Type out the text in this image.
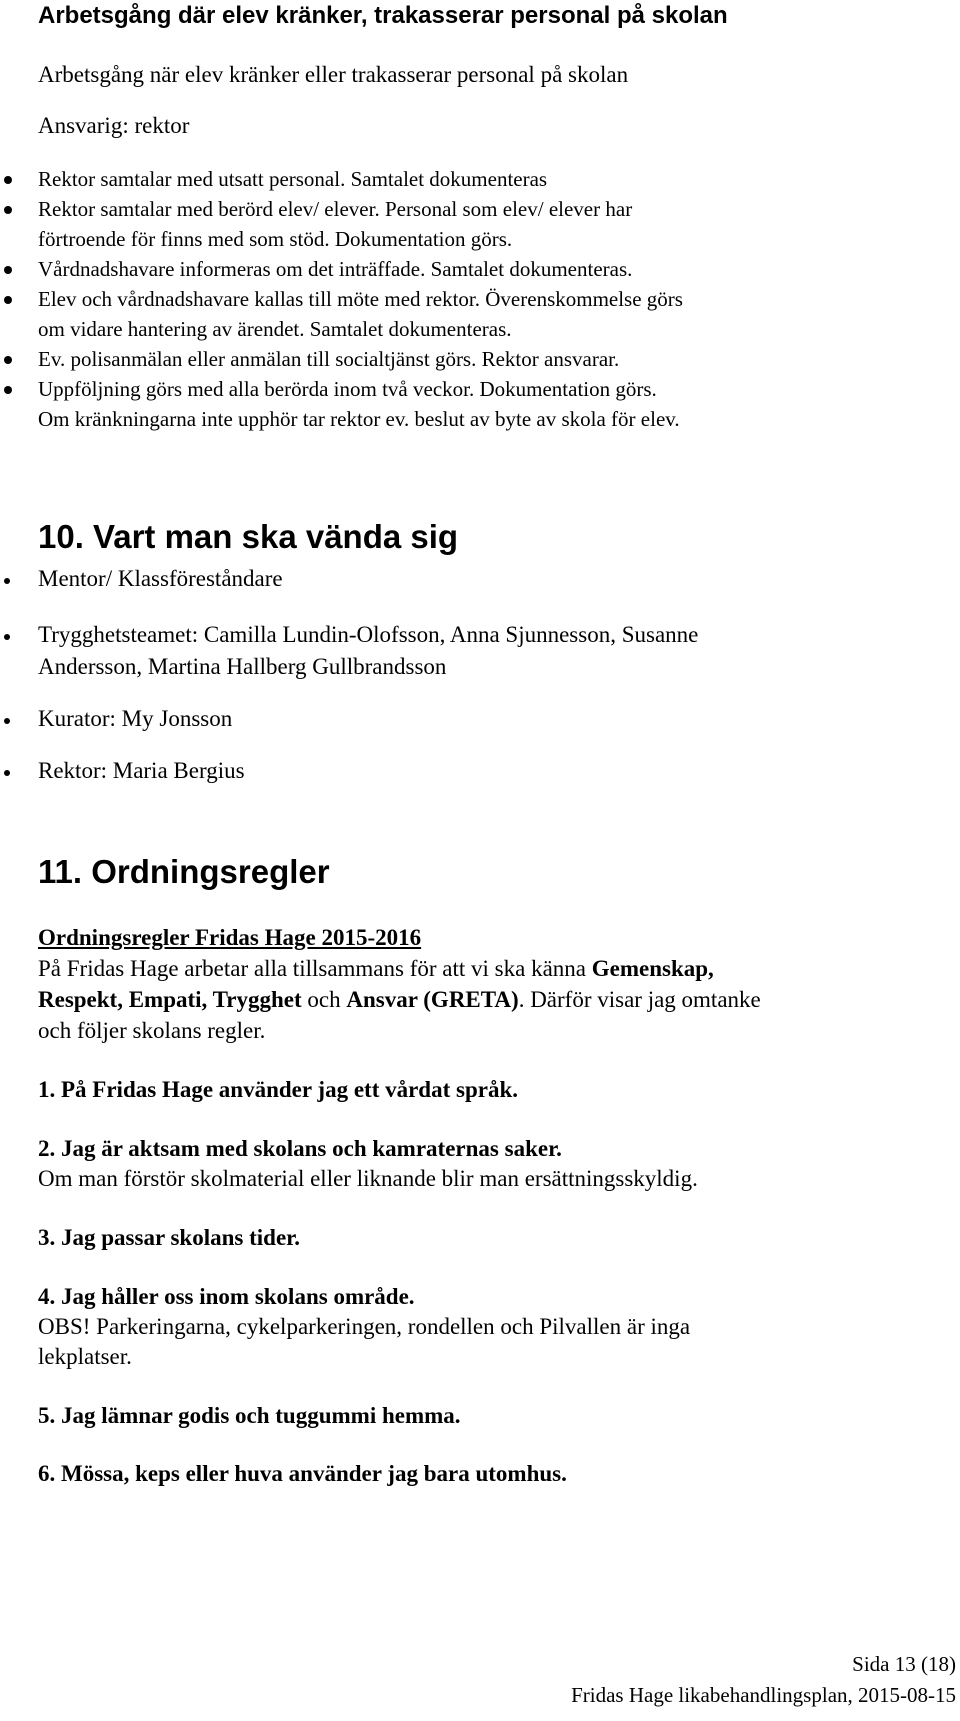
Arbetsgång där elev kränker, trakasserar personal på skolan
Arbetsgång när elev kränker eller trakasserar personal på skolan
Ansvarig: rektor
Rektor samtalar med utsatt personal. Samtalet dokumenteras
Rektor samtalar med berörd elev/ elever. Personal som elev/ elever har
förtroende för finns med som stöd. Dokumentation görs.
Vårdnadshavare informeras om det inträffade. Samtalet dokumenteras.
Elev och vårdnadshavare kallas till möte med rektor. Överenskommelse görs
om vidare hantering av ärendet. Samtalet dokumenteras.
Ev. polisanmälan eller anmälan till socialtjänst görs. Rektor ansvarar.
Uppföljning görs med alla berörda inom två veckor. Dokumentation görs.
Om kränkningarna inte upphör tar rektor ev. beslut av byte av skola för elev.
10. Vart man ska vända sig
Mentor/ Klassföreståndare
Trygghetsteamet: Camilla Lundin-Olofsson, Anna Sjunnesson, Susanne
Andersson, Martina Hallberg Gullbrandsson
Kurator: My Jonsson
Rektor: Maria Bergius
11. Ordningsregler
Ordningsregler Fridas Hage 2015-2016
På Fridas Hage arbetar alla tillsammans för att vi ska känna Gemenskap,
Respekt, Empati, Trygghet och Ansvar (GRETA). Därför visar jag omtanke
och följer skolans regler.
1. På Fridas Hage använder jag ett vårdat språk.
2. Jag är aktsam med skolans och kamraternas saker.
Om man förstör skolmaterial eller liknande blir man ersättningsskyldig.
3. Jag passar skolans tider.
4. Jag håller oss inom skolans område.
OBS! Parkeringarna, cykelparkeringen, rondellen och Pilvallen är inga
lekplatser.
5. Jag lämnar godis och tuggummi hemma.
6. Mössa, keps eller huva använder jag bara utomhus.
Sida 13 (18)
Fridas Hage likabehandlingsplan, 2015-08-15
